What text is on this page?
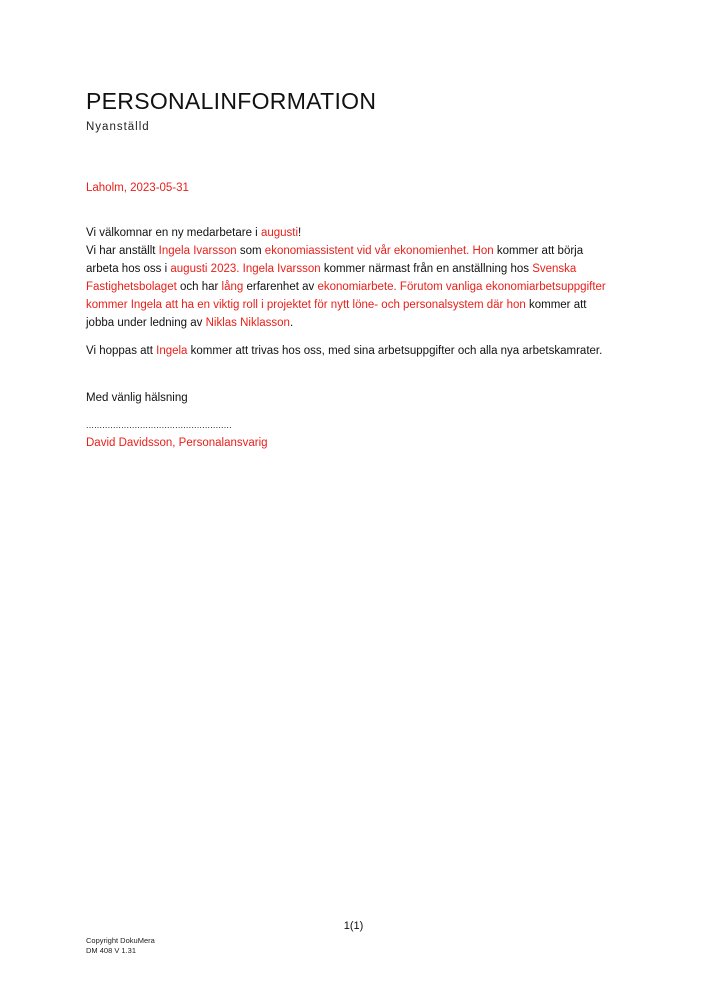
PERSONALINFORMATION
Nyanställd
Laholm, 2023-05-31
Vi välkomnar en ny medarbetare i augusti!
Vi har anställt Ingela Ivarsson som ekonomiassistent vid vår ekonomienhet. Hon kommer att börja arbeta hos oss i augusti 2023. Ingela Ivarsson kommer närmast från en anställning hos Svenska Fastighetsbolaget och har lång erfarenhet av ekonomiarbete. Förutom vanliga ekonomiarbetsuppgifter kommer Ingela att ha en viktig roll i projektet för nytt löne- och personalsystem där hon kommer att jobba under ledning av Niklas Niklasson.
Vi hoppas att Ingela kommer att trivas hos oss, med sina arbetsuppgifter och alla nya arbetskamrater.
Med vänlig hälsning
......................................................
David Davidsson, Personalansvarig
1(1)
Copyright DokuMera
DM 408 V 1.31
